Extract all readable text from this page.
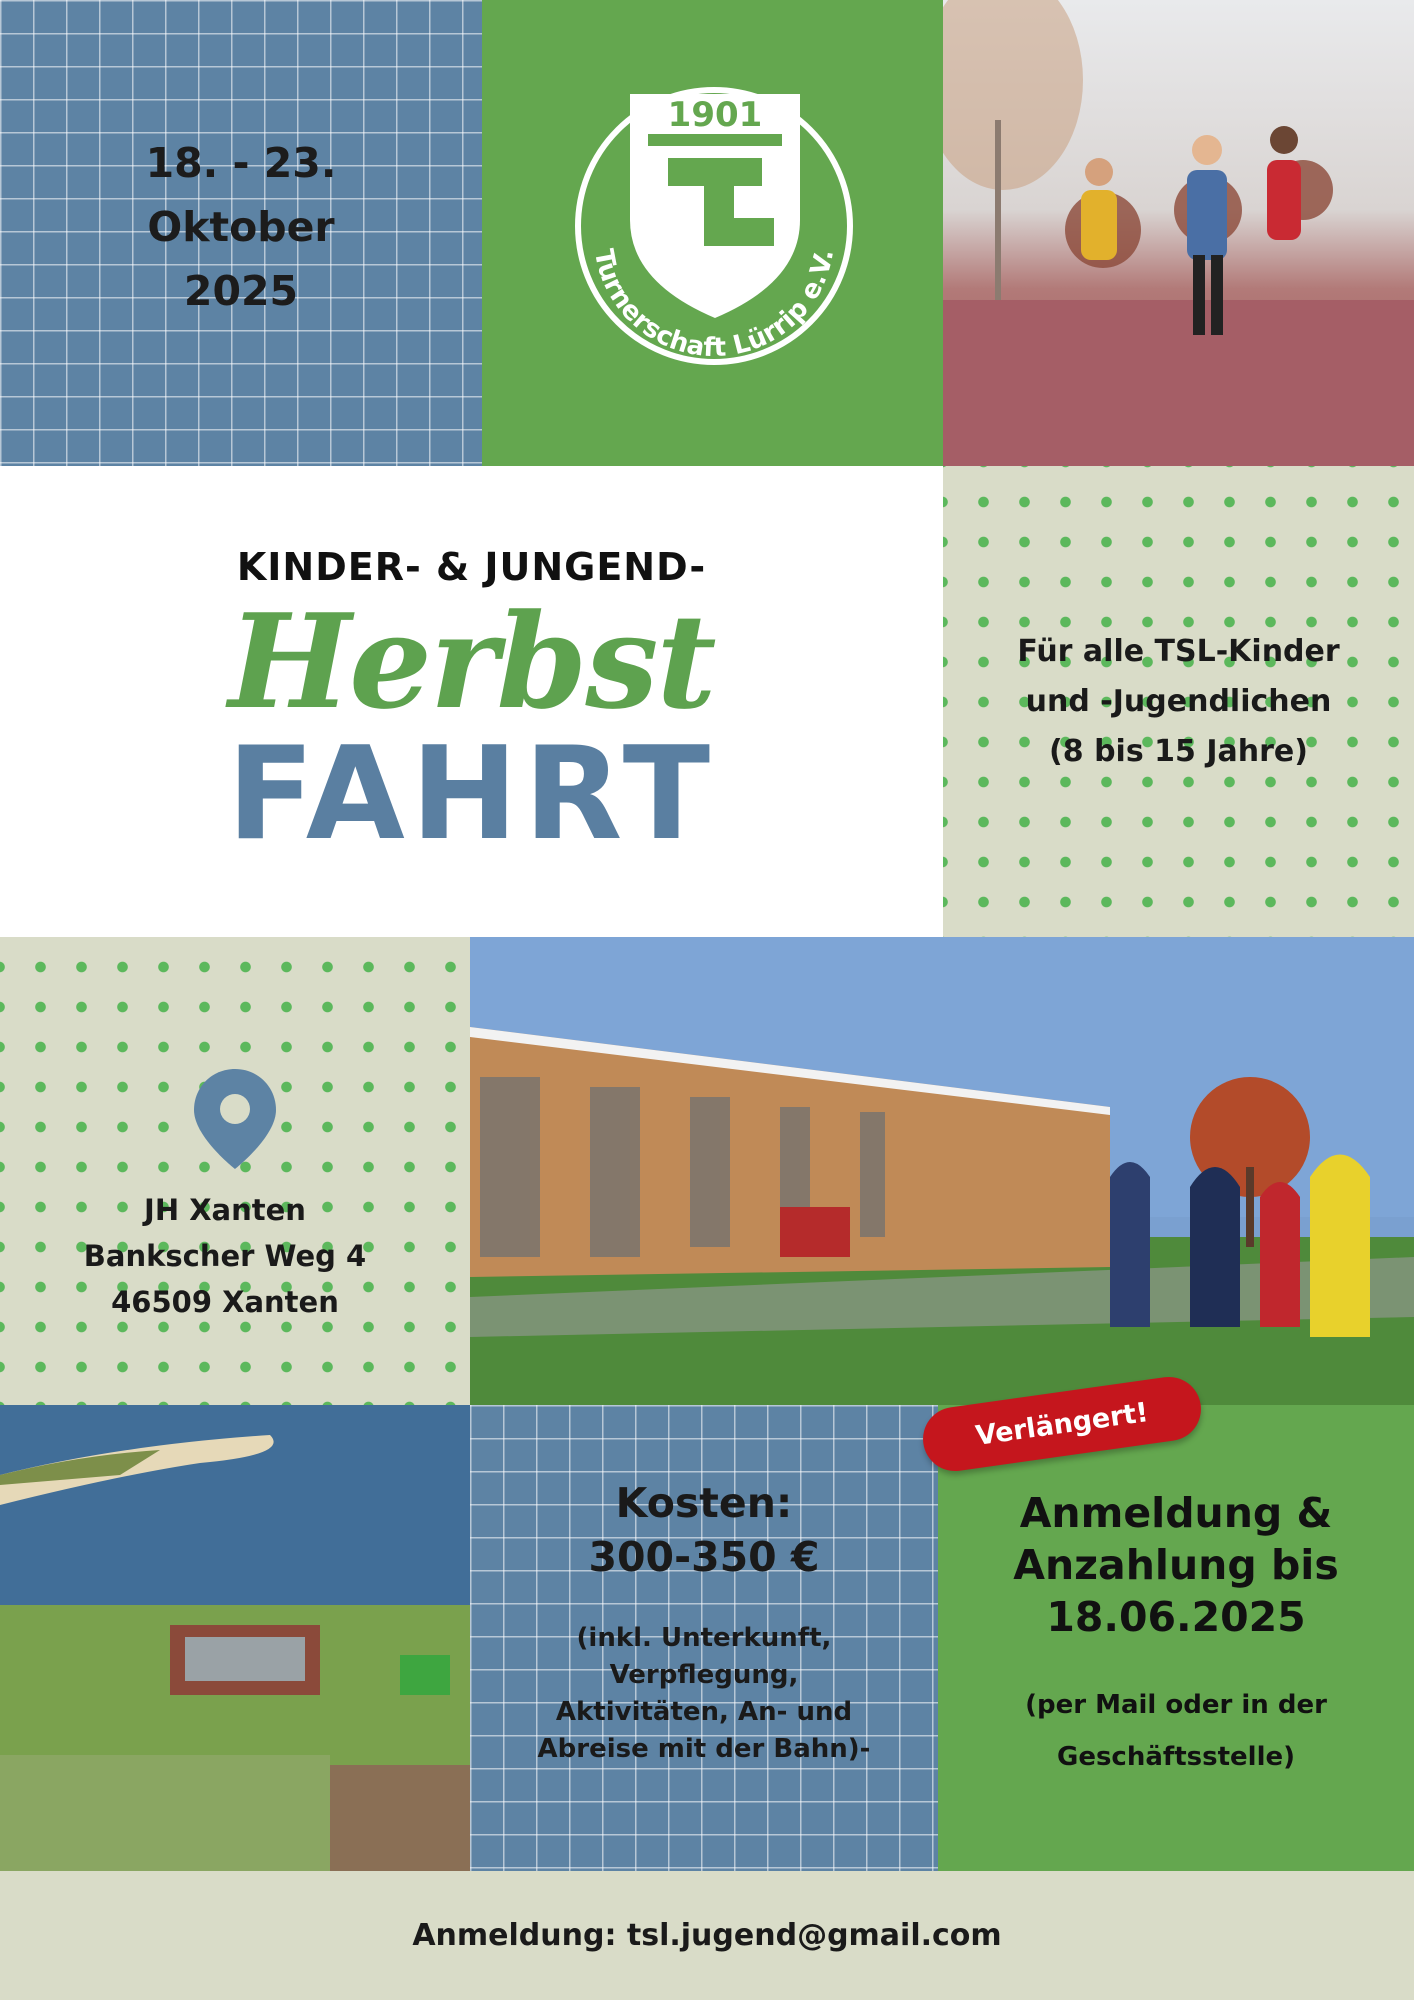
18. - 23.
Oktober
2025
1901
Turnerschaft Lürrip e.V.
KINDER- & JUNGEND-
Herbst
FAHRT
Für alle TSL-Kinder
und -Jugendlichen
(8 bis 15 Jahre)
JH Xanten
Bankscher Weg 4
46509 Xanten
Kosten:
300-350 €
(inkl. Unterkunft,
Verpflegung,
Aktivitäten, An- und
Abreise mit der Bahn)-
Anmeldung &
Anzahlung bis
18.06.2025
(per Mail oder in der
Geschäftsstelle)
Verlängert!
Anmeldung: tsl.jugend@gmail.com
